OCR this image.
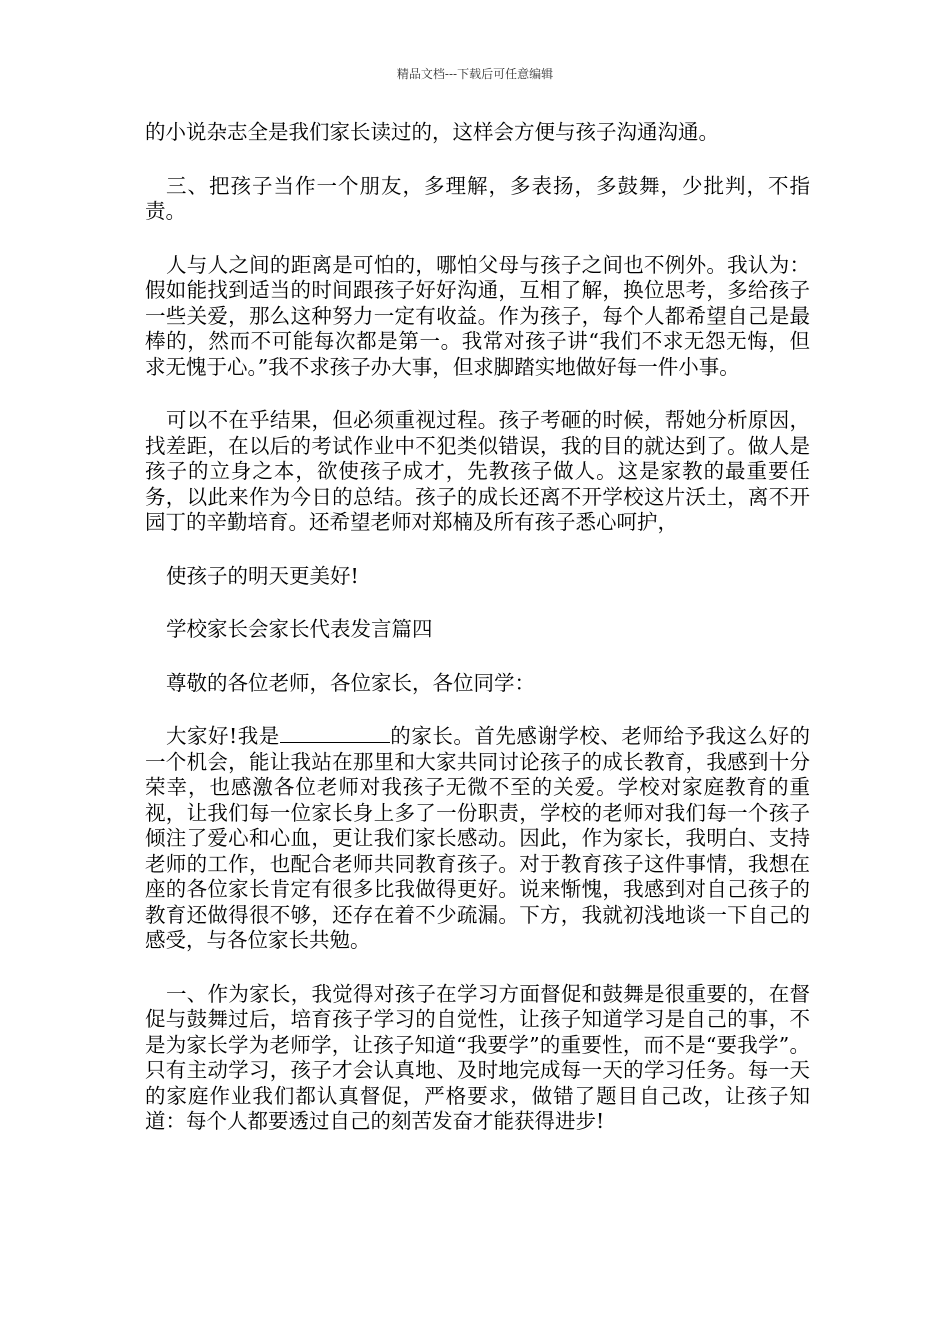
精品文档---下载后可任意编辑

的小说杂志全是我们家长读过的，这样会方便与孩子沟通沟通。

三、把孩子当作一个朋友，多理解，多表扬，多鼓舞，少批判，不指责。

人与人之间的距离是可怕的，哪怕父母与孩子之间也不例外。我认为：假如能找到适当的时间跟孩子好好沟通，互相了解，换位思考，多给孩子一些关爱，那么这种努力一定有收益。作为孩子，每个人都希望自己是最棒的，然而不可能每次都是第一。我常对孩子讲“我们不求无怨无悔，但求无愧于心。”我不求孩子办大事，但求脚踏实地做好每一件小事。

可以不在乎结果，但必须重视过程。孩子考砸的时候，帮她分析原因，找差距，在以后的考试作业中不犯类似错误，我的目的就达到了。做人是孩子的立身之本，欲使孩子成才，先教孩子做人。这是家教的最重要任务，以此来作为今日的总结。孩子的成长还离不开学校这片沃土，离不开园丁的辛勤培育。还希望老师对郑楠及所有孩子悉心呵护，

使孩子的明天更美好!

学校家长会家长代表发言篇四

尊敬的各位老师，各位家长，各位同学：

大家好!我是	的家长。首先感谢学校、老师给予我这么好的一个机会，能让我站在那里和大家共同讨论孩子的成长教育，我感到十分荣幸，也感激各位老师对我孩子无微不至的关爱。学校对家庭教育的重视，让我们每一位家长身上多了一份职责，学校的老师对我们每一个孩子倾注了爱心和心血，更让我们家长感动。因此，作为家长，我明白、支持老师的工作，也配合老师共同教育孩子。对于教育孩子这件事情，我想在座的各位家长肯定有很多比我做得更好。说来惭愧，我感到对自己孩子的教育还做得很不够，还存在着不少疏漏。下方，我就初浅地谈一下自己的感受，与各位家长共勉。

一、作为家长，我觉得对孩子在学习方面督促和鼓舞是很重要的，在督促与鼓舞过后，培育孩子学习的自觉性，让孩子知道学习是自己的事，不是为家长学为老师学，让孩子知道“我要学”的重要性，而不是“要我学”。只有主动学习，孩子才会认真地、及时地完成每一天的学习任务。每一天的家庭作业我们都认真督促，严格要求，做错了题目自己改，让孩子知道：每个人都要透过自己的刻苦发奋才能获得进步!
